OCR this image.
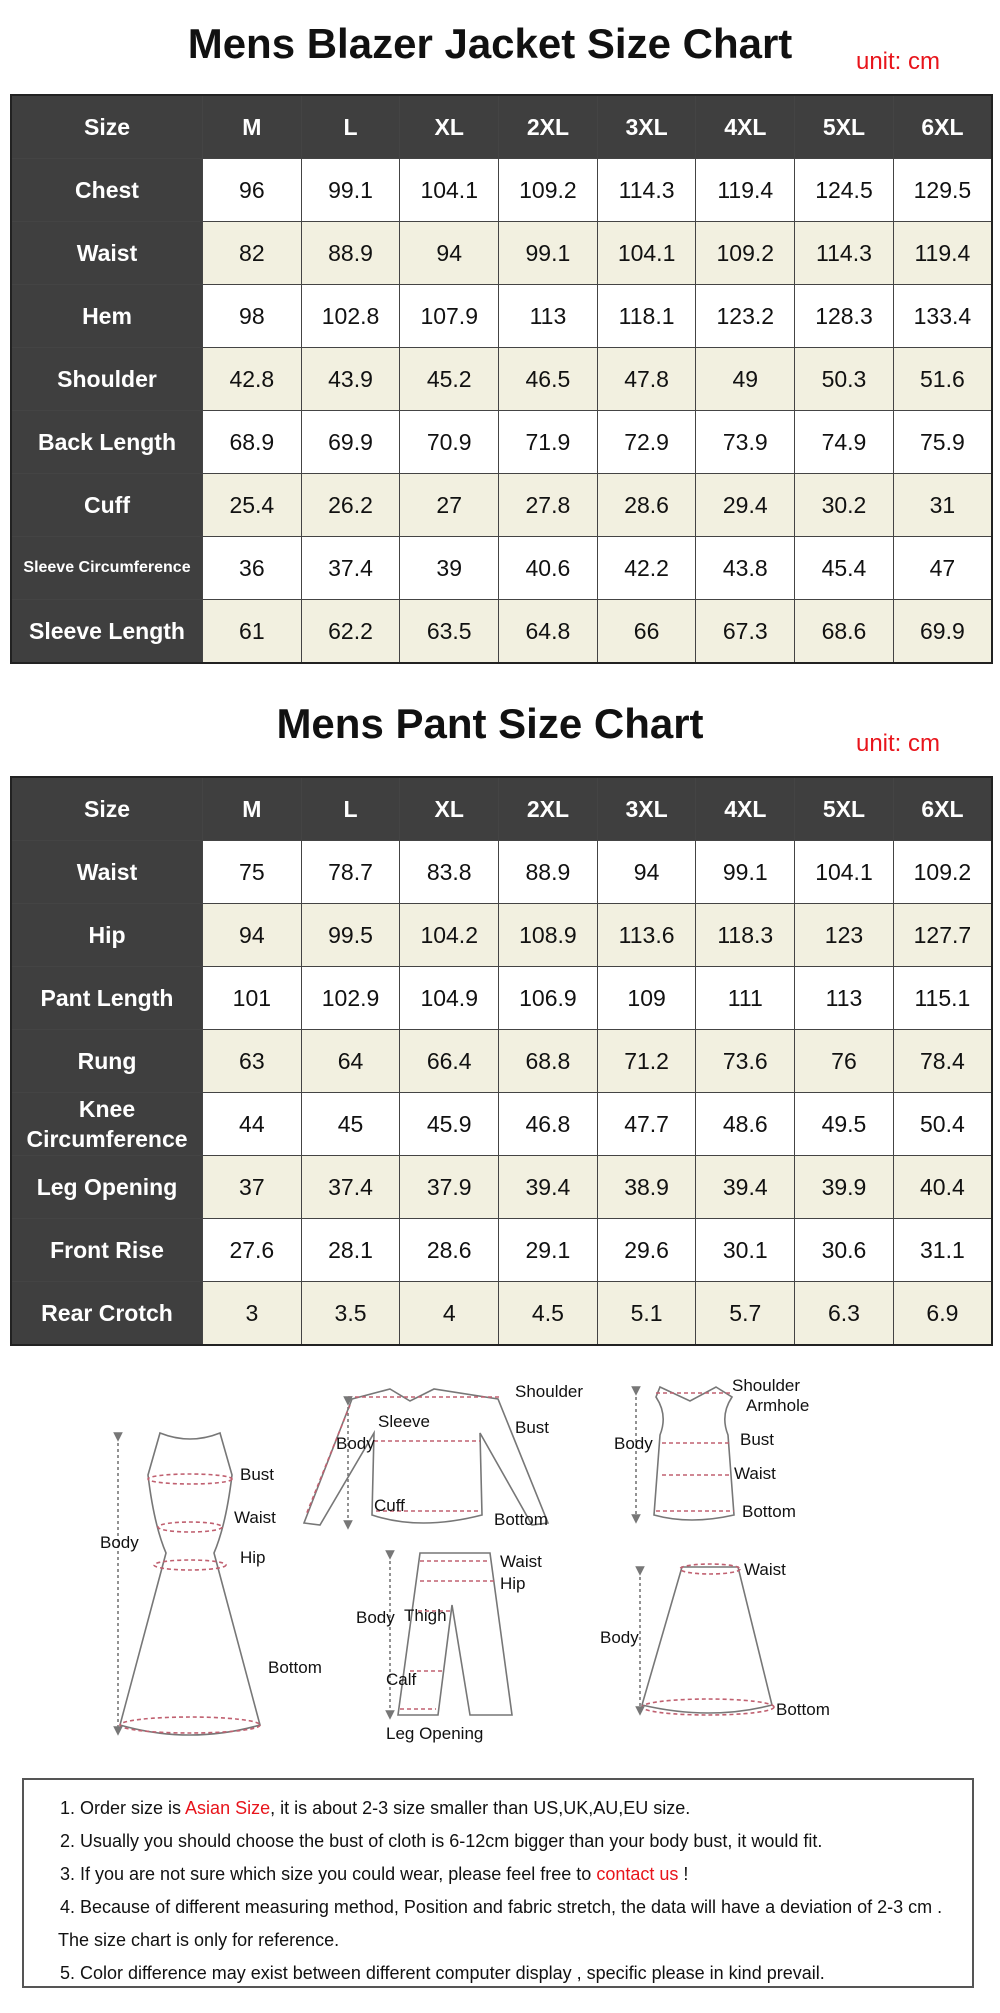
Mens Blazer Jacket Size Chart	unit: cm
Size	M	L	XL	2XL	3XL	4XL	5XL	6XL
Chest	96	99.1	104.1	109.2	114.3	119.4	124.5	129.5
Waist	82	88.9	94	99.1	104.1	109.2	114.3	119.4
Hem	98	102.8	107.9	113	118.1	123.2	128.3	133.4
Shoulder	42.8	43.9	45.2	46.5	47.8	49	50.3	51.6
Back Length	68.9	69.9	70.9	71.9	72.9	73.9	74.9	75.9
Cuff	25.4	26.2	27	27.8	28.6	29.4	30.2	31
Sleeve Circumference	36	37.4	39	40.6	42.2	43.8	45.4	47
Sleeve Length	61	62.2	63.5	64.8	66	67.3	68.6	69.9
Mens Pant Size Chart	unit: cm
Size	M	L	XL	2XL	3XL	4XL	5XL	6XL
Waist	75	78.7	83.8	88.9	94	99.1	104.1	109.2
Hip	94	99.5	104.2	108.9	113.6	118.3	123	127.7
Pant Length	101	102.9	104.9	106.9	109	111	113	115.1
Rung	63	64	66.4	68.8	71.2	73.6	76	78.4
Knee Circumference	44	45	45.9	46.8	47.7	48.6	49.5	50.4
Leg Opening	37	37.4	37.9	39.4	38.9	39.4	39.9	40.4
Front Rise	27.6	28.1	28.6	29.1	29.6	30.1	30.6	31.1
Rear Crotch	3	3.5	4	4.5	5.1	5.7	6.3	6.9
Bust
Waist
Hip
Body
Bottom
Shoulder
Sleeve
Body
Bust
Cuff
Bottom
Shoulder
Armhole
Body	Bust
Waist
Bottom
Waist
Hip
Body Thigh
Calf
Leg Opening
Waist
Body
Bottom
1. Order size is Asian Size, it is about 2-3 size smaller than US,UK,AU,EU size.
2. Usually you should choose the bust of cloth is 6-12cm bigger than your body bust, it would fit.
3. If you are not sure which size you could wear, please feel free to contact us !
4. Because of different measuring method, Position and fabric stretch, the data will have a deviation of 2-3 cm .
The size chart is only for reference.
5. Color difference may exist between different computer display , specific please in kind prevail.
